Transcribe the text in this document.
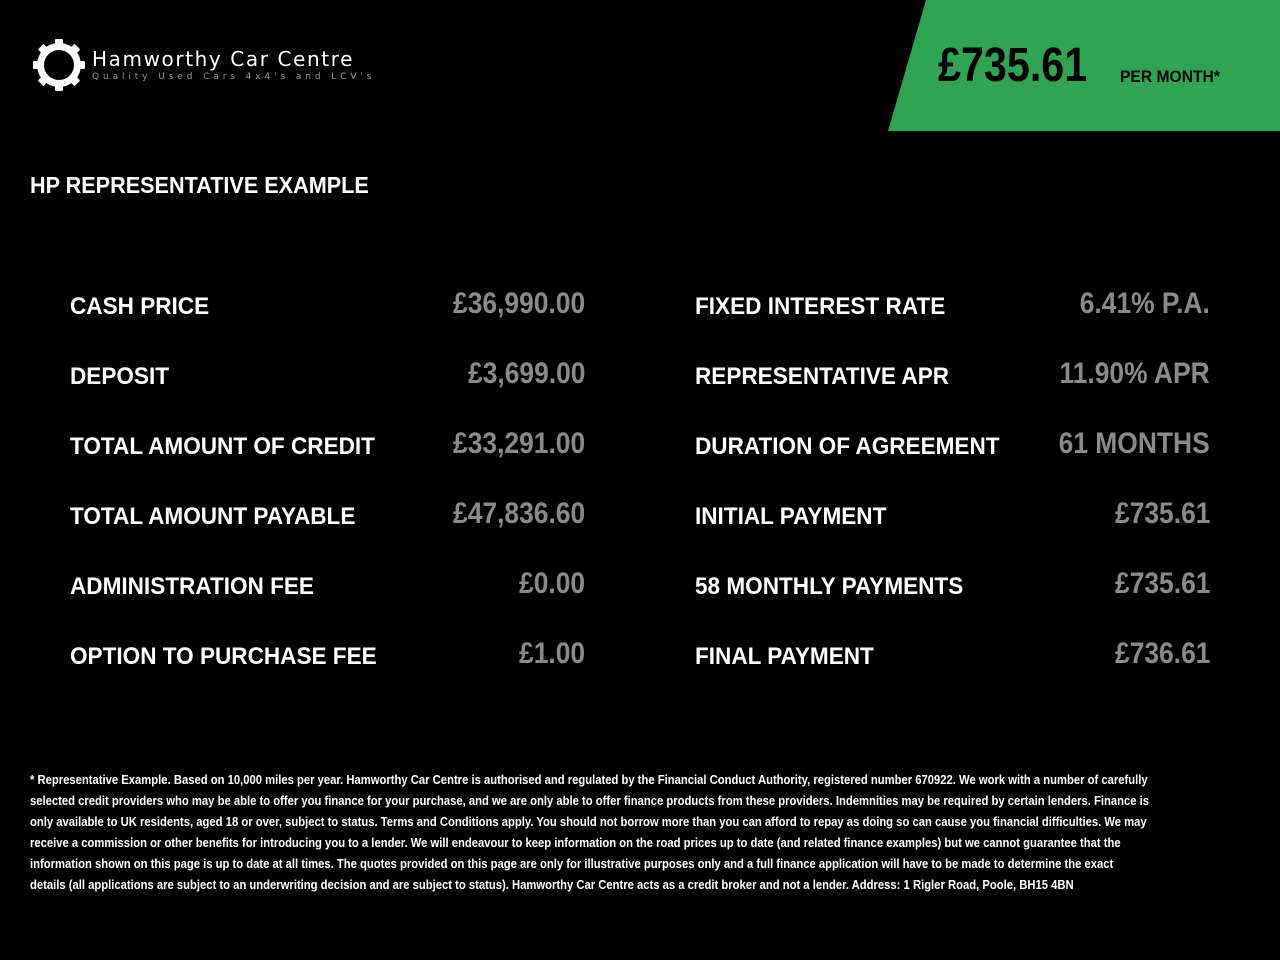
Hamworthy Car Centre
Quality Used Cars 4x4's and LCV's	£735.61 PER MONTH*
HP REPRESENTATIVE EXAMPLE
CASH PRICE	£36,990.00
DEPOSIT	£3,699.00
TOTAL AMOUNT OF CREDIT	£33,291.00
TOTAL AMOUNT PAYABLE	£47,836.60
ADMINISTRATION FEE	£0.00
OPTION TO PURCHASE FEE	£1.00
FIXED INTEREST RATE	6.41% P.A.
REPRESENTATIVE APR	11.90% APR
DURATION OF AGREEMENT 61 MONTHS
INITIAL PAYMENT	£735.61
58 MONTHLY PAYMENTS	£735.61
FINAL PAYMENT	£736.61
* Representative Example. Based on 10,000 miles per year. Hamworthy Car Centre is authorised and regulated by the Financial Conduct Authority, registered number 670922. We work with a number of carefully
selected credit providers who may be able to offer you finance for your purchase, and we are only able to offer finance products from these providers. Indemnities may be required by certain lenders. Finance is
only available to UK residents, aged 18 or over, subject to status. Terms and Conditions apply. You should not borrow more than you can afford to repay as doing so can cause you financial difficulties. We may
receive a commission or other benefits for introducing you to a lender. We will endeavour to keep information on the road prices up to date (and related finance examples) but we cannot guarantee that the
information shown on this page is up to date at all times. The quotes provided on this page are only for illustrative purposes only and a full finance application will have to be made to determine the exact
details (all applications are subject to an underwriting decision and are subject to status). Hamworthy Car Centre acts as a credit broker and not a lender. Address: 1 Rigler Road, Poole, BH15 4BN
